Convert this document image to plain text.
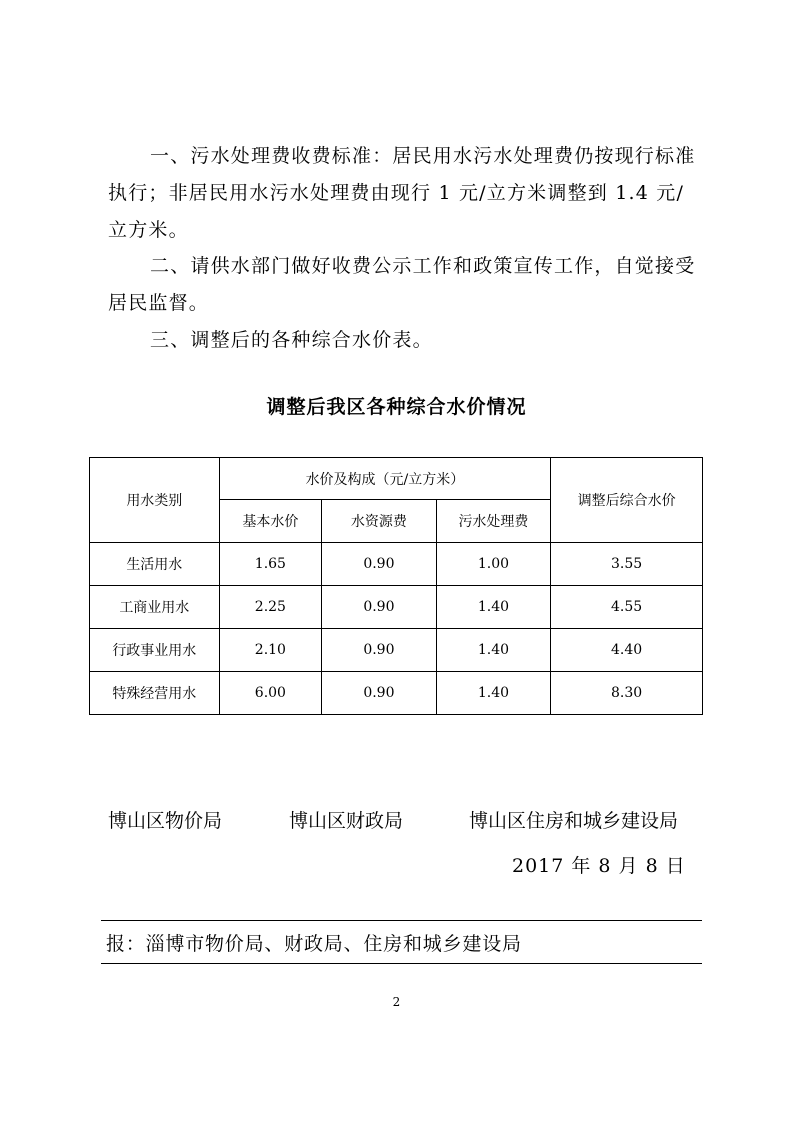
一、污水处理费收费标准：居民用水污水处理费仍按现行标准执行；非居民用水污水处理费由现行 1 元/立方米调整到 1.4 元/立方米。

二、请供水部门做好收费公示工作和政策宣传工作，自觉接受居民监督。

三、调整后的各种综合水价表。

调整后我区各种综合水价情况

用水类别	水价及构成（元/立方米）			调整后综合水价
	基本水价	水资源费	污水处理费	
生活用水	1.65	0.90	1.00	3.55
工商业用水	2.25	0.90	1.40	4.55
行政事业用水	2.10	0.90	1.40	4.40
特殊经营用水	6.00	0.90	1.40	8.30
博山区物价局	博山区财政局	博山区住房和城乡建设局

2017 年 8 月 8 日

报：淄博市物价局、财政局、住房和城乡建设局

2
